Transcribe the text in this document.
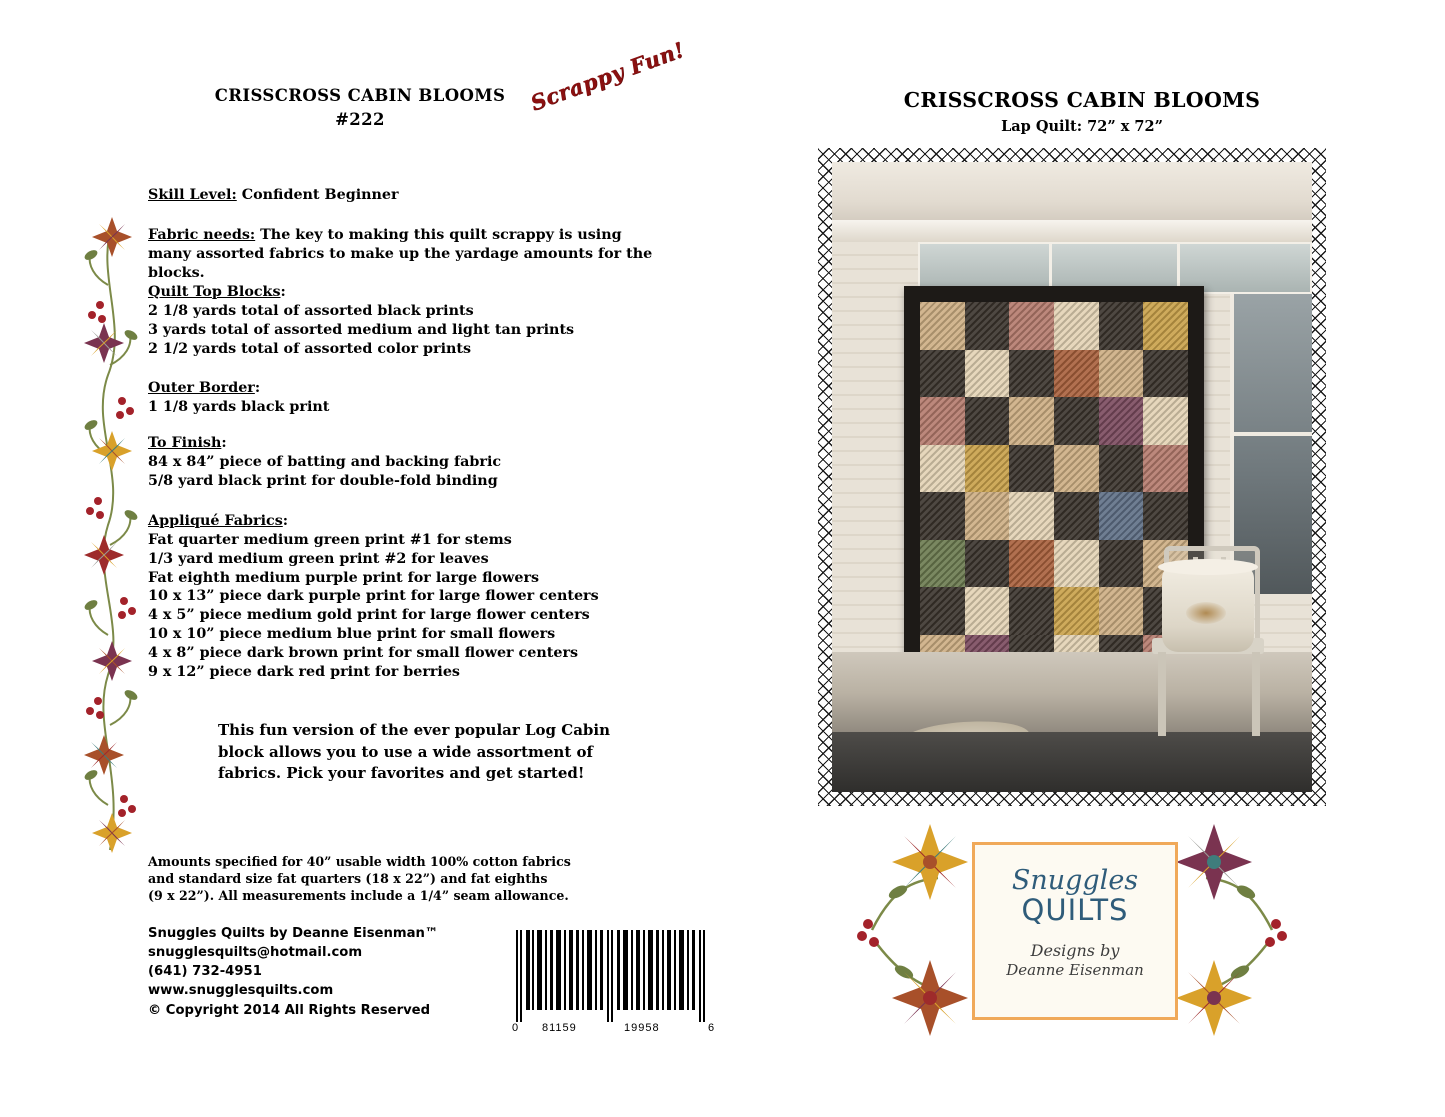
CRISSCROSS CABIN BLOOMS
#222
Scrappy Fun!
Skill Level: Confident Beginner
Fabric needs: The key to making this quilt scrappy is using many assorted fabrics to make up the yardage amounts for the blocks.
Quilt Top Blocks:
2 1/8 yards total of assorted black prints
3 yards total of assorted medium and light tan prints
2 1/2 yards total of assorted color prints
Outer Border:
1 1/8 yards black print
To Finish:
84 x 84” piece of batting and backing fabric
5/8 yard black print for double-fold binding
Appliqué Fabrics:
Fat quarter medium green print #1 for stems
1/3 yard medium green print #2 for leaves
Fat eighth medium purple print for large flowers
10 x 13” piece dark purple print for large flower centers
4 x 5” piece medium gold print for large flower centers
10 x 10” piece medium blue print for small flowers
4 x 8” piece dark brown print for small flower centers
9 x 12” piece dark red print for berries
This fun version of the ever popular Log Cabin block allows you to use a wide assortment of fabrics. Pick your favorites and get started!
Amounts specified for 40” usable width 100% cotton fabrics
and standard size fat quarters (18 x 22”) and fat eighths
(9 x 22”). All measurements include a 1/4” seam allowance.
Snuggles Quilts by Deanne Eisenman™
snugglesquilts@hotmail.com
(641) 732-4951
www.snugglesquilts.com
© Copyright 2014 All Rights Reserved
0 81159	19958	6
CRISSCROSS CABIN BLOOMS
Lap Quilt: 72” x 72”
Snuggles
QUILTS
Designs by
Deanne Eisenman
